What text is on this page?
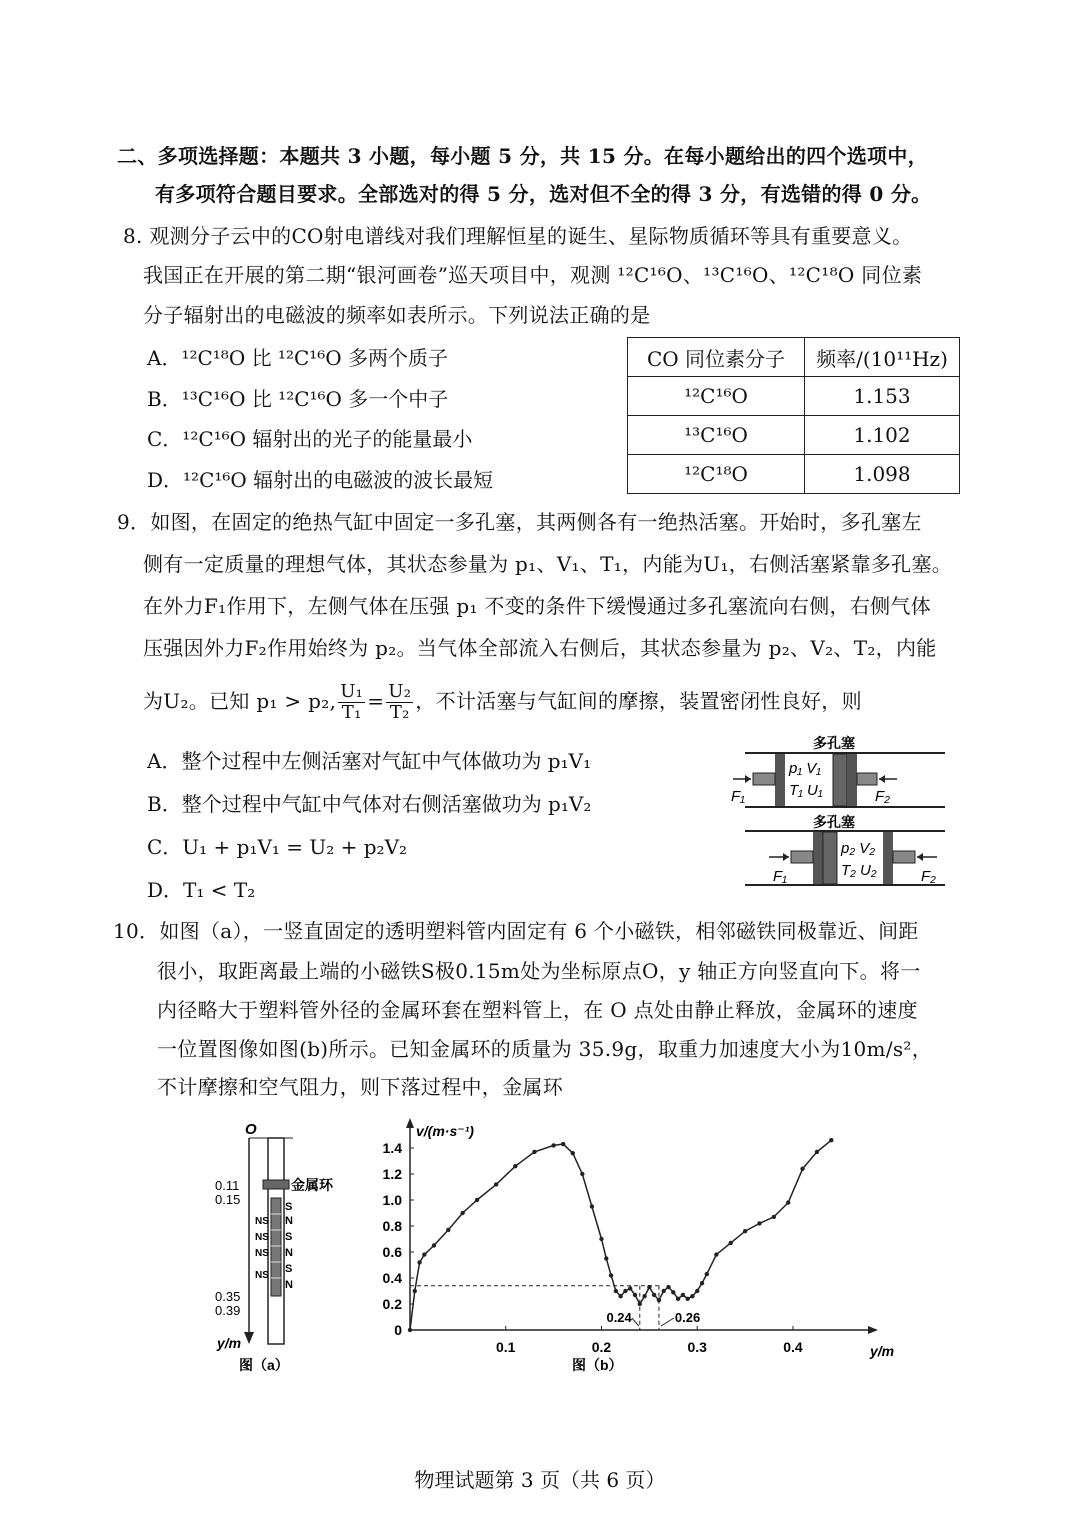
二、多项选择题：本题共 3 小题，每小题 5 分，共 15 分。在每小题给出的四个选项中，
有多项符合题目要求。全部选对的得 5 分，选对但不全的得 3 分，有选错的得 0 分。
8. 观测分子云中的CO射电谱线对我们理解恒星的诞生、星际物质循环等具有重要意义。
我国正在开展的第二期“银河画卷”巡天项目中，观测 ¹²C¹⁶O、¹³C¹⁶O、¹²C¹⁸O 同位素
分子辐射出的电磁波的频率如表所示。下列说法正确的是
A．¹²C¹⁸O 比 ¹²C¹⁶O 多两个质子
B．¹³C¹⁶O 比 ¹²C¹⁶O 多一个中子
C．¹²C¹⁶O 辐射出的光子的能量最小
D．¹²C¹⁶O 辐射出的电磁波的波长最短
CO 同位素分子	频率/(10¹¹Hz)
¹²C¹⁶O	1.153
¹³C¹⁶O	1.102
¹²C¹⁸O	1.098
9．如图，在固定的绝热气缸中固定一多孔塞，其两侧各有一绝热活塞。开始时，多孔塞左
侧有一定质量的理想气体，其状态参量为 p₁、V₁、T₁，内能为U₁，右侧活塞紧靠多孔塞。
在外力F₁作用下，左侧气体在压强 p₁ 不变的条件下缓慢通过多孔塞流向右侧，右侧气体
压强因外力F₂作用始终为 p₂。当气体全部流入右侧后，其状态参量为 p₂、V₂、T₂，内能
为U₂。已知 p₁ > p₂, $\frac{\text{U₁}}{\text{T₁}} = \frac{\text{U₂}}{\text{T₂}}$ ，不计活塞与气缸间的摩擦，装置密闭性良好，则
A．整个过程中左侧活塞对气缸中气体做功为 p₁V₁
B．整个过程中气缸中气体对右侧活塞做功为 p₁V₂
C．U₁ + p₁V₁ = U₂ + p₂V₂
D．T₁ < T₂
多孔塞
p₁ V₁
T₁ U₁
F₁	F₂
多孔塞
p₂ V₂
T₂ U₂
F₁	F₂
10．如图（a），一竖直固定的透明塑料管内固定有 6 个小磁铁，相邻磁铁同极靠近、间距
很小，取距离最上端的小磁铁S极0.15m处为坐标原点O，y 轴正方向竖直向下。将一
内径略大于塑料管外径的金属环套在塑料管上，在 O 点处由静止释放，金属环的速度
一位置图像如图(b)所示。已知金属环的质量为 35.9g，取重力加速度大小为10m/s²，
不计摩擦和空气阻力，则下落过程中，金属环
O
金属环
S
N
S
N
S
N
NS
NS
NS
NS
0.11
0.15
0.35
0.39
y/m
图（a）
v/(m·s⁻¹)
y/m
0
0.2
0.4
0.6
0.8
1.0
1.2
1.4
0.1	0.2	0.3	0.4
0.24	0.26
图（b）
物理试题第 3 页（共 6 页）
